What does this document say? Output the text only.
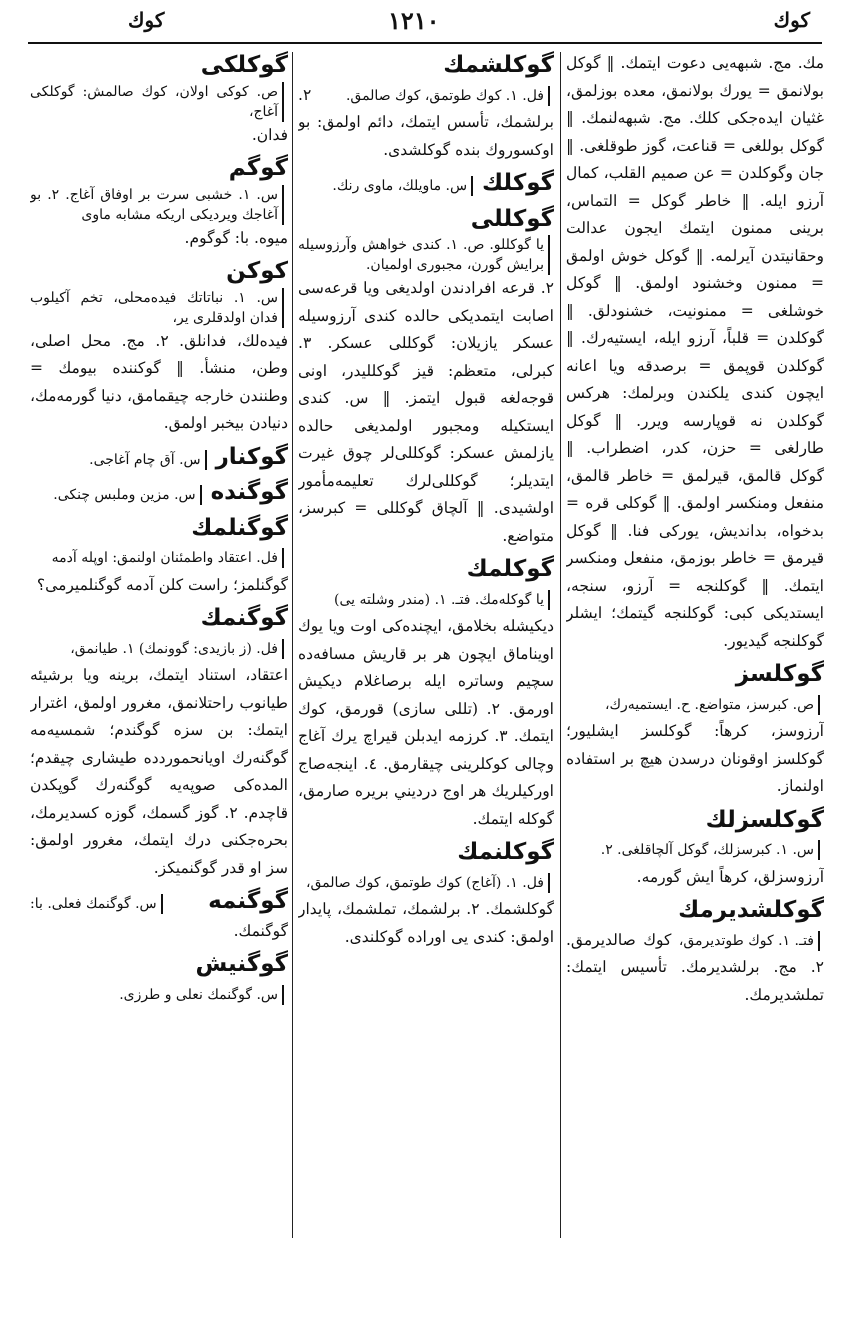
كوك	١٢١٠	كوك
مك. مج. شبهه‌يى دعوت ايتمك. ‖ گوكل بولانمق = يورك بولانمق، معده بوزلمق، غثيان ايده‌جكى كلك. مج. شبهه‌لنمك. ‖ گوكل بوللغى = قناعت، گوز طوقلغى. ‖ جان وگوكلدن = عن صميم القلب، كمال آرزو ايله. ‖ خاطر گوكل = التماس، برينى ممنون ايتمك ايجون عدالت وحقانيتدن آيرلمه. ‖ گوكل خوش اولمق = ممنون وخشنود اولمق. ‖ گوكل خوشلغى = ممنونيت، خشنودلق. ‖ گوكلدن = قلباً، آرزو ايله، ايستيه‌رك. ‖ گوكلدن قوپمق = برصدقه ويا اعانه ايچون كندى يلكندن وبرلمك: هركس گوكلدن نه قوپارسه ويرر. ‖ گوكل طارلغى = حزن، كدر، اضطراب. ‖ گوكل قالمق، قيرلمق = خاطر قالمق، منفعل ومنكسر اولمق. ‖ گوكلى قره = بدخواه، بدانديش، يوركى فنا. ‖ گوكل قيرمق = خاطر بوزمق، منفعل ومنكسر ايتمك. ‖ گوكلنجه = آرزو، سنجه، ايستديكى كبى: گوكلنجه گيتمك؛ ايشلر گوكلنجه گيديور.
گوكلسز ص. كبرسز، متواضع. ح. ايستميه‌رك، آرزوسز، كرهاً: گوكلسز ايشليور؛ گوكلسز اوقونان درسدن هيچ بر استفاده اولنماز.
گوكلسزلك س. ١. كبرسزلك، گوكل آلچاقلغى. ٢. آرزوسزلق، كرهاً ايش گورمه.
گوكلشديرمك فتـ. ١. كوك طوتديرمق، كوك صالديرمق. ٢. مج. برلشديرمك. تأسيس ايتمك: تملشديرمك.
گوكلشمك فل. ١. كوك طوتمق، كوك صالمق. ٢. برلشمك، تأسس ايتمك، دائم اولمق: بو اوكسوروك بنده گوكلشدى.
گوكلك س. ماويلك، ماوى رنك.
گوكللى يا گوكللو. ص. ١. كندى خواهش وآرزوسيله برايش گورن، مجبورى اولميان. ٢. قرعه افرادندن اولديغى ويا قرعه‌سى اصابت ايتمديكى حالده كندى آرزوسيله عسكر يازيلان: گوكللى عسكر. ٣. كبرلى، متعظم: قيز گوكلليدر، اونى قوجه‌لغه قبول ايتمز. ‖ س. كندى ايستكيله ومجبور اولمديغى حالده يازلمش عسكر: گوكللى‌لر چوق غيرت ايتديلر؛ گوكللى‌لرك تعليمه‌مأمور اولشيدى. ‖ آلچاق گوكللى = كبرسز، متواضع.
گوكلمك يا گوكله‌مك. فتـ. ١. (مندر وشلته يى) ديكيشله بخلامق، ايچنده‌كى اوت ويا يوك اويناماق ايچون هر بر قاريش مسافه‌ده سچيم وساتره ايله برصاغلام ديكيش اورمق. ٢. (تللى سازى) قورمق، كوك ايتمك. ٣. كرزمه ايدبلن قيراچ يرك آغاج وچالى كوكلرينى چيقارمق. ٤. اينجه‌صاج اوركيلريك هر اوج درديني بريره صارمق، گوكله ايتمك.
گوكلنمك فل. ١. (آغاج) كوك طوتمق، كوك صالمق، گوكلشمك. ٢. برلشمك، تملشمك، پايدار اولمق: كندى يى اوراده گوكلندى.
گوكلكى ص. كوكى اولان، كوك صالمش: گوكلكى آغاج، فدان.
گوگم س. ١. خشبى سرت بر اوفاق آغاج. ٢. بو آغاجك ويرديكى اريكه مشابه ماوى ميوه. با: گوگوم.
كوكن س. ١. نباتاتك فيده‌محلى، تخم آكيلوب فدان اولدقلرى ير، فيده‌لك، فدانلق. ٢. مج. محل اصلى، وطن، منشأ. ‖ گوكننده بيومك = وطنندن خارجه چيقمامق، دنيا گورمه‌مك، دنيادن بيخبر اولمق.
گوكنار س. آق چام آغاجى.
گوگنده س. مزين وملبس چنكى.
گوگنلمك فل. اعتقاد واطمئنان اولنمق: اوپله آدمه گوگنلمز؛ راست كلن آدمه گوگنلميرمى؟
گوگنمك فل. (ز بازيدى: گوونمك) ١. طيانمق، اعتقاد، استناد ايتمك، برينه ويا برشيئه طيانوب راحتلانمق، مغرور اولمق، اغترار ايتمك: بن سزه گوگندم؛ شمسيه‌مه گوگنه‌رك اويانحموردده طيشارى چيقدم؛ المده‌كى صوپه‌يه گوگنه‌رك گوپكدن قاچدم. ٢. گوز گسمك، گوزه كسديرمك، بحره‌جكنى درك ايتمك، مغرور اولمق: سز او قدر گوگنميكز.
گوگنمه س. گوگنمك فعلى. با: گوگنمك.
گوگنيش س. گوگنمك نعلى و طرزى.
